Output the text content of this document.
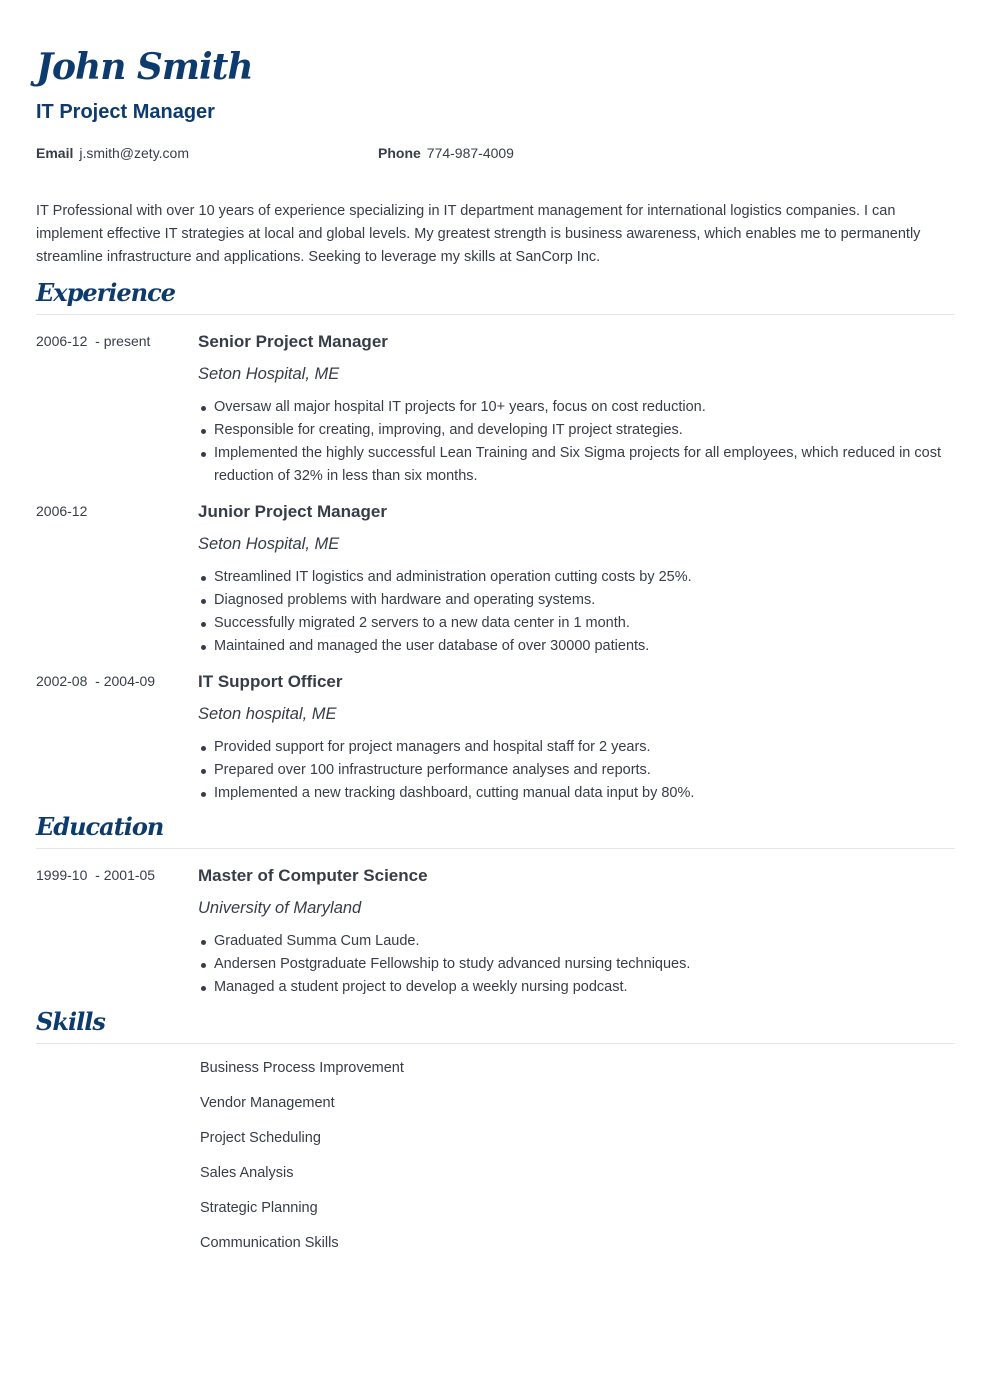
John Smith
IT Project Manager
Email j.smith@zety.com	Phone 774-987-4009

IT Professional with over 10 years of experience specializing in IT department management for international logistics companies. I can implement effective IT strategies at local and global levels. My greatest strength is business awareness, which enables me to permanently streamline infrastructure and applications. Seeking to leverage my skills at SanCorp Inc.

Experience
2006-12  - present	Senior Project Manager
Seton Hospital, ME
Oversaw all major hospital IT projects for 10+ years, focus on cost reduction.
Responsible for creating, improving, and developing IT project strategies.
Implemented the highly successful Lean Training and Six Sigma projects for all employees, which reduced in cost reduction of 32% in less than six months.
2006-12	Junior Project Manager
Seton Hospital, ME
Streamlined IT logistics and administration operation cutting costs by 25%.
Diagnosed problems with hardware and operating systems.
Successfully migrated 2 servers to a new data center in 1 month.
Maintained and managed the user database of over 30000 patients.
2002-08  - 2004-09	IT Support Officer
Seton hospital, ME
Provided support for project managers and hospital staff for 2 years.
Prepared over 100 infrastructure performance analyses and reports.
Implemented a new tracking dashboard, cutting manual data input by 80%.
Education
1999-10  - 2001-05	Master of Computer Science
University of Maryland
Graduated Summa Cum Laude.
Andersen Postgraduate Fellowship to study advanced nursing techniques.
Managed a student project to develop a weekly nursing podcast.
Skills
Business Process Improvement
Vendor Management
Project Scheduling
Sales Analysis
Strategic Planning
Communication Skills
